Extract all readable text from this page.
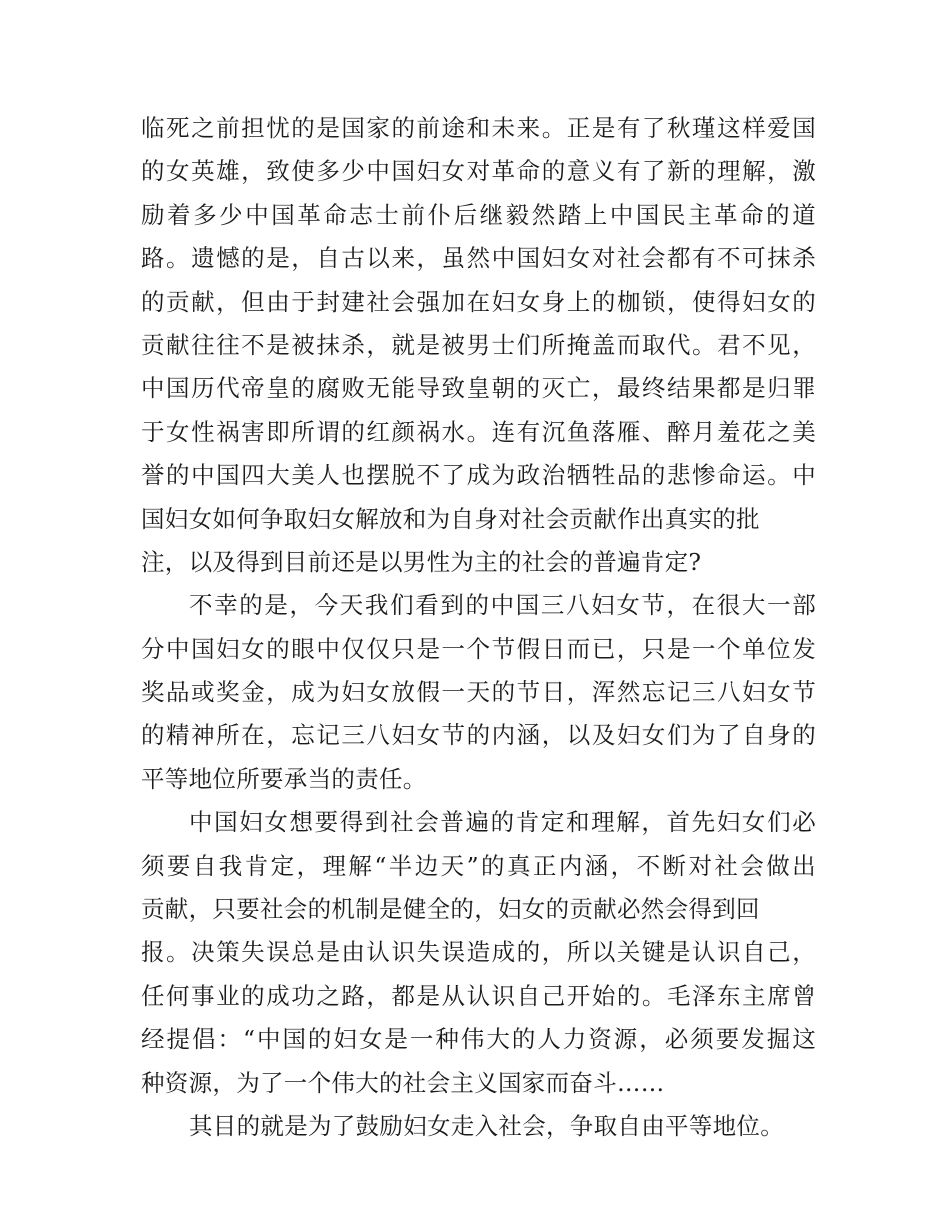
临死之前担忧的是国家的前途和未来。正是有了秋瑾这样爱国
的女英雄，致使多少中国妇女对革命的意义有了新的理解，激
励着多少中国革命志士前仆后继毅然踏上中国民主革命的道
路。遗憾的是，自古以来，虽然中国妇女对社会都有不可抹杀
的贡献，但由于封建社会强加在妇女身上的枷锁，使得妇女的
贡献往往不是被抹杀，就是被男士们所掩盖而取代。君不见，
中国历代帝皇的腐败无能导致皇朝的灭亡，最终结果都是归罪
于女性祸害即所谓的红颜祸水。连有沉鱼落雁、醉月羞花之美
誉的中国四大美人也摆脱不了成为政治牺牲品的悲惨命运。中
国妇女如何争取妇女解放和为自身对社会贡献作出真实的批
注，以及得到目前还是以男性为主的社会的普遍肯定?
不幸的是，今天我们看到的中国三八妇女节，在很大一部
分中国妇女的眼中仅仅只是一个节假日而已，只是一个单位发
奖品或奖金，成为妇女放假一天的节日，浑然忘记三八妇女节
的精神所在，忘记三八妇女节的内涵，以及妇女们为了自身的
平等地位所要承当的责任。
中国妇女想要得到社会普遍的肯定和理解，首先妇女们必
须要自我肯定，理解“半边天”的真正内涵，不断对社会做出
贡献，只要社会的机制是健全的，妇女的贡献必然会得到回
报。决策失误总是由认识失误造成的，所以关键是认识自己，
任何事业的成功之路，都是从认识自己开始的。毛泽东主席曾
经提倡：“中国的妇女是一种伟大的人力资源，必须要发掘这
种资源，为了一个伟大的社会主义国家而奋斗……
其目的就是为了鼓励妇女走入社会，争取自由平等地位。
